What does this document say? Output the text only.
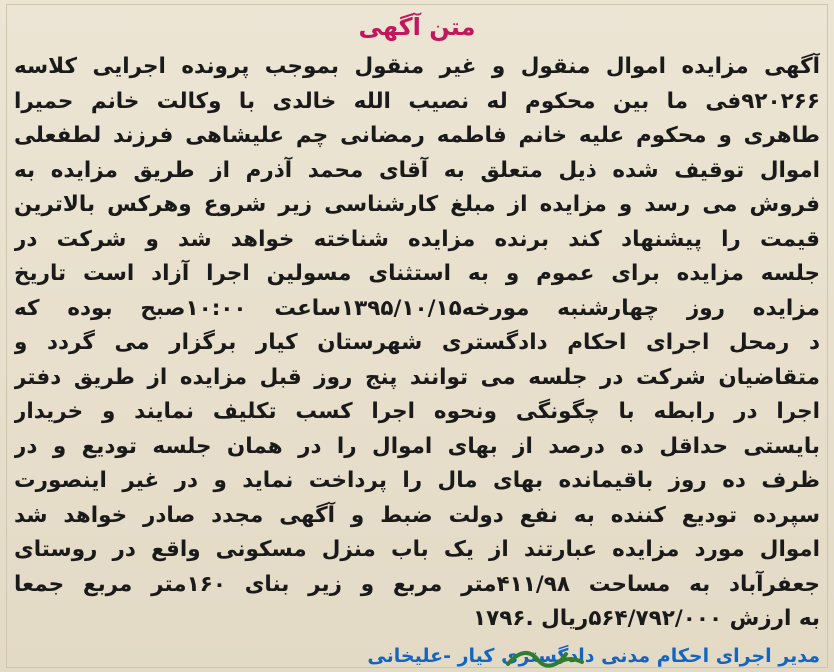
متن آگهی
آگهی مزایده اموال منقول و غیر منقول بموجب پرونده اجرایی کلاسه
۹۲۰۲۶۶فی ما بین محکوم له نصیب الله خالدی با وکالت خانم حمیرا
طاهری و محکوم علیه خانم فاطمه رمضانی چم علیشاهی فرزند لطفعلی
اموال توقیف شده ذیل متعلق به آقای محمد آذرم از طریق مزایده به
فروش می رسد و مزایده از مبلغ کارشناسی زیر شروع وهرکس بالاترین
قیمت را پیشنهاد کند برنده مزایده شناخته خواهد شد و شرکت در
جلسه مزایده برای عموم و به استثنای مسولین اجرا آزاد است تاریخ
مزایده روز چهارشنبه مورخه۱۳۹۵/۱۰/۱۵ساعت ۱۰:۰۰صبح بوده که
د رمحل اجرای احکام دادگستری شهرستان کیار برگزار می گردد و
متقاضیان شرکت در جلسه می توانند پنج روز قبل مزایده از طریق دفتر
اجرا در رابطه با چگونگی ونحوه اجرا کسب تکلیف نمایند و خریدار
بایستی حداقل ده درصد از بهای اموال را در همان جلسه تودیع و در
ظرف ده روز باقیمانده بهای مال را پرداخت نماید و در غیر اینصورت
سپرده تودیع کننده به نفع دولت ضبط و آگهی مجدد صادر خواهد شد
اموال مورد مزایده عبارتند از یک باب منزل مسکونی واقع در روستای
جعفرآباد به مساحت ۴۱۱/۹۸متر مربع و زیر بنای ۱۶۰متر مربع جمعا
به ارزش ۵۶۴/۷۹۲/۰۰۰ریال .۱۷۹۶
مدیر اجرای احکام مدنی دادگستری کیار -علیخانی
